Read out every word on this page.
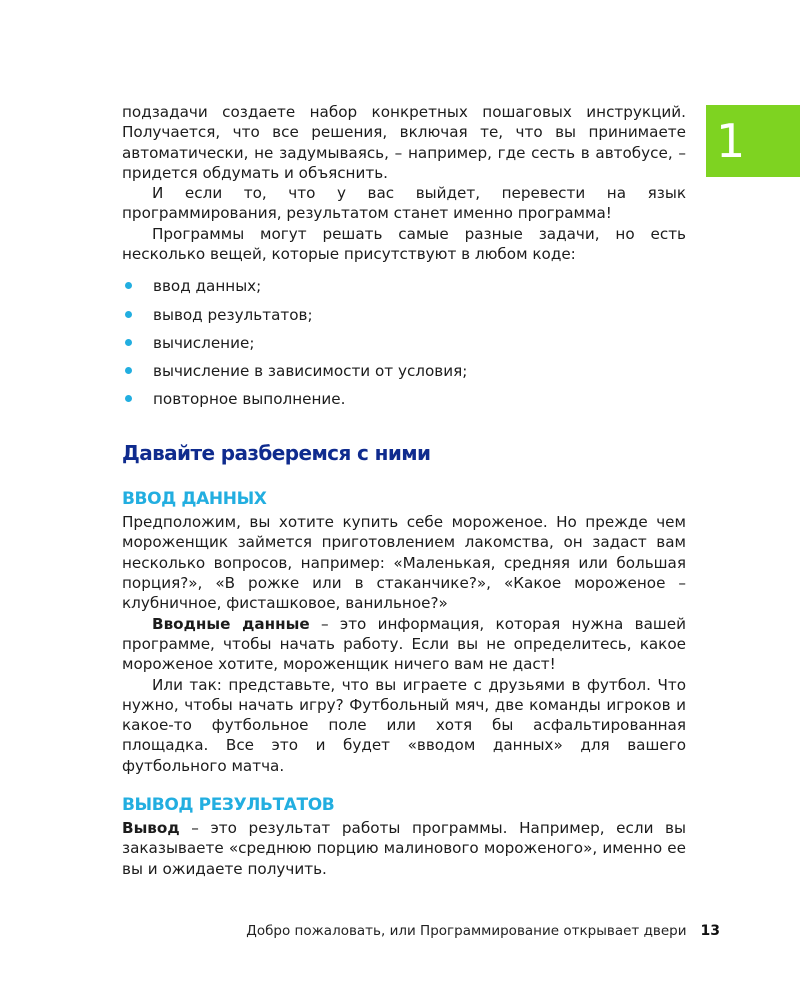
подзадачи создаете набор конкретных пошаговых инструкций. Получается, что все решения, включая те, что вы принимаете автоматически, не задумываясь, – например, где сесть в автобусе, – придется обдумать и объяснить.

И если то, что у вас выйдет, перевести на язык программирования, результатом станет именно программа!

Программы могут решать самые разные задачи, но есть несколько вещей, которые присутствуют в любом коде:

ввод данных;
вывод результатов;
вычисление;
вычисление в зависимости от условия;
повторное выполнение.
Давайте разберемся с ними
ВВОД ДАННЫХ

Предположим, вы хотите купить себе мороженое. Но прежде чем мороженщик займется приготовлением лакомства, он задаст вам несколько вопросов, например: «Маленькая, средняя или большая порция?», «В рожке или в стаканчике?», «Какое мороженое – клубничное, фисташковое, ванильное?»

Вводные данные – это информация, которая нужна вашей программе, чтобы начать работу. Если вы не определитесь, какое мороженое хотите, мороженщик ничего вам не даст!

Или так: представьте, что вы играете с друзьями в футбол. Что нужно, чтобы начать игру? Футбольный мяч, две команды игроков и какое-то футбольное поле или хотя бы асфальтированная площадка. Все это и будет «вводом данных» для вашего футбольного матча.

ВЫВОД РЕЗУЛЬТАТОВ

Вывод – это результат работы программы. Например, если вы заказываете «среднюю порцию малинового мороженого», именно ее вы и ожидаете получить.

1
Добро пожаловать, или Программирование открывает двери 13
